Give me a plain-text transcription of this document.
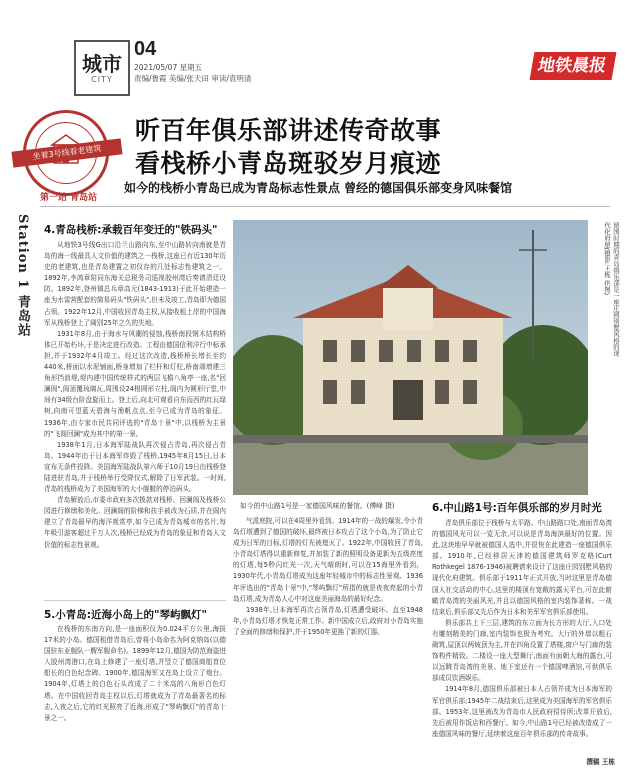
城市
CITY
04
2021/05/07 星期五
责编/鲁霞 美编/张天田 审读/袁明清
地铁晨报
坐着3号线看老建筑
第一站 青岛站
听百年俱乐部讲述传奇故事
看栈桥小青岛斑驳岁月痕迹
如今的栈桥小青岛已成为青岛标志性景点 曾经的德国俱乐部变身风味餐馆
Station 1 青岛站 4.青岛栈桥:承载百年变迁的"铁码头"

从地铁3号线G出口沿兰山路向东,至中山路转向南就是青岛的海一线最具人文价值的建筑之一栈桥,这座已有近130年历史的老建筑,也是青岛建置之初仅存的几处标志性建筑之一。1892年,李鸿章陪同东海关总税务司巡视胶州湾后奏请清廷设防。1892年,登州镇总兵章高元(1843-1913)于此开始建造一座为水雷营配套的简易码头"铁码头",但未及竣工,青岛即为德国占领。1922年12月,中国收回青岛主权,从接收租上岸的中国海军从栈桥登上了阔别25年之久的失地。

1931年8月,由于海水与风潮的侵蚀,栈桥南段钢木结构桥体已开始朽坏,于是决定进行改造。工程由德国信利洋行中标承担,并于1932年4月竣工。经过这次改造,栈桥桥长增长至约440米,桥面以水泥铺面,桥身增加了栏杆和灯柱,桥南端增建三角形挡浪堤,堤内建中国传统样式的两层飞檐八角亭一座,名"回澜阁",阁顶覆琉璃瓦,周围设24根圆形立柱,阁内为圆形厅堂,中间有34级台阶盘旋而上。登上后,向北可观看自东而西的红瓦绿树,向南可望蓝天碧海与渔帆点点,至今已成为青岛的象征。1936年,由专家市民共同评选的"青岛十景"中,以栈桥为主景的"飞阁回澜"成为其中的第一景。

1938年1月,日本海军陆战队再次侵占青岛,再次侵占青岛。1944年由于日本海军炸毁了栈桥,1945年8月15日,日本宣布无条件投降。美国海军陆战队第六师于10月19日由栈桥登陆进驻青岛,并于栈桥举行受降仪式,解除了日军武装。一时间,青岛的栈桥成为了美国海军的大小舰艇的停泊码头。

青岛解放后,市委市政府多次拨款对栈桥、回澜阁及栈桥公园进行修缮和美化。回澜阁的阶梯和扶手被改为石质,并在阁内建立了青岛最早的海洋观赏亭,如今已成为青岛城市的名片,每年吸引游客超过千万人次,栈桥已经成为青岛的象征和青岛人文价值的标志性景观。

5.小青岛:近海小岛上的"琴屿飘灯"

在栈桥的东南方向,是一座面积仅为0.024平方公里,海拔17米的小岛。德国租借青岛后,曾将小岛命名为阿克纳岛(以德国驻东亚舰队一艘军舰命名)。1899年12月,德国为防范海盗进入胶州湾港口,在岛上修建了一座灯塔,并竖立了德国商船首位船长的白色纪念碑。1900年,德国海军又在岛上设立了炮台。1904年,灯塔上的白色石头改成了二十米高的八角形白色灯塔。在中国收回青岛主权以后,灯塔就成为了青岛最著名的标志,入夜之后,它的红光照亮了近海,形成了"琴屿飘灯"的青岛十景之一。

如今的中山路1号是一家德国风味的餐馆。(傅峰 摄)
德国时期的青岛俱乐部是一座庄园别墅风格的现代化府屋(摄影:王栋 供图)

气派庭院,可以在4周里外看到。1914年的一战的爆发,令小青岛灯塔遭到了德国的破坏,最终被日本攻占了这个小岛,为了防止它成为日军的目标,灯塔的灯光被熄灭了。1922年,中国收回了青岛,小青岛灯塔得以重新修复,并加装了新的照明设备更新为五级亮度的灯塔,每5秒闪红光一次,天气晴朗时,可以在15海里外看到。1930年代,小青岛灯塔成为这座年轻城市中的标志性景观。1936年评选出的"青岛十景"中,"琴屿飘灯"所指的就是夜夜亮起的小青岛灯塔,成为青岛人心中对这座美丽海岛的最好纪念。

1938年,日本海军再次占领青岛,灯塔遭受破坏。直至1948年,小青岛灯塔才恢复正常工作。新中国成立后,政府对小青岛实施了全面的修缮和保护,并于1950年更换了新的灯器。

6.中山路1号:百年俱乐部的岁月时光

青岛俱乐部位于栈桥与太平路、中山路路口处,南面青岛湾的德国风光可以一览无余,可以说是青岛海滨最好的位置。因此,这块地早早就被德国人选中,并很快在此建造一座德国俱乐部。1910年,已经移居天津的德国建筑师罗克格(Curt Rothkegel 1876-1946)被聘请来设计了这座庄园别墅风格的现代化府建筑。俱乐部于1911年正式开放,当时这里是青岛德国人社交活动的中心,这里的楼顶有宽敞的露天平台,可在此俯瞰青岛湾的美丽风光,并且以德国风格的室内装饰著称。一战结束后,俱乐部又先后作为日本和美军军官俱乐部使用。

俱乐部共上下三层,建筑的东立面为长方形的大厅,入口处有雕刻精美的门廊,室内装饰也极为考究。大厅的外墙以粗石砌筑,屋顶以两坡顶为主,并在四角设置了塔楼,窗户与门廊的装饰构件精致。二楼设一座大型舞厅,南面有面朝大海的露台,可以远眺青岛湾的美景。地下室还有一个德国啤酒馆,可供俱乐部成员饮酒娱乐。

1914年8月,德国俱乐部被日本人占领并成为日本海军的军官俱乐部;1945年二战结束后,这里成为美国海军的军官俱乐部。1953年,这里被改为青岛市人民政府招待所;改革开放后,先后被用作饭店和西餐厅。如今,中山路1号已经被改造成了一座德国风味的餐厅,延续着这座百年俱乐部的传奇故事。

撰稿 王栋
